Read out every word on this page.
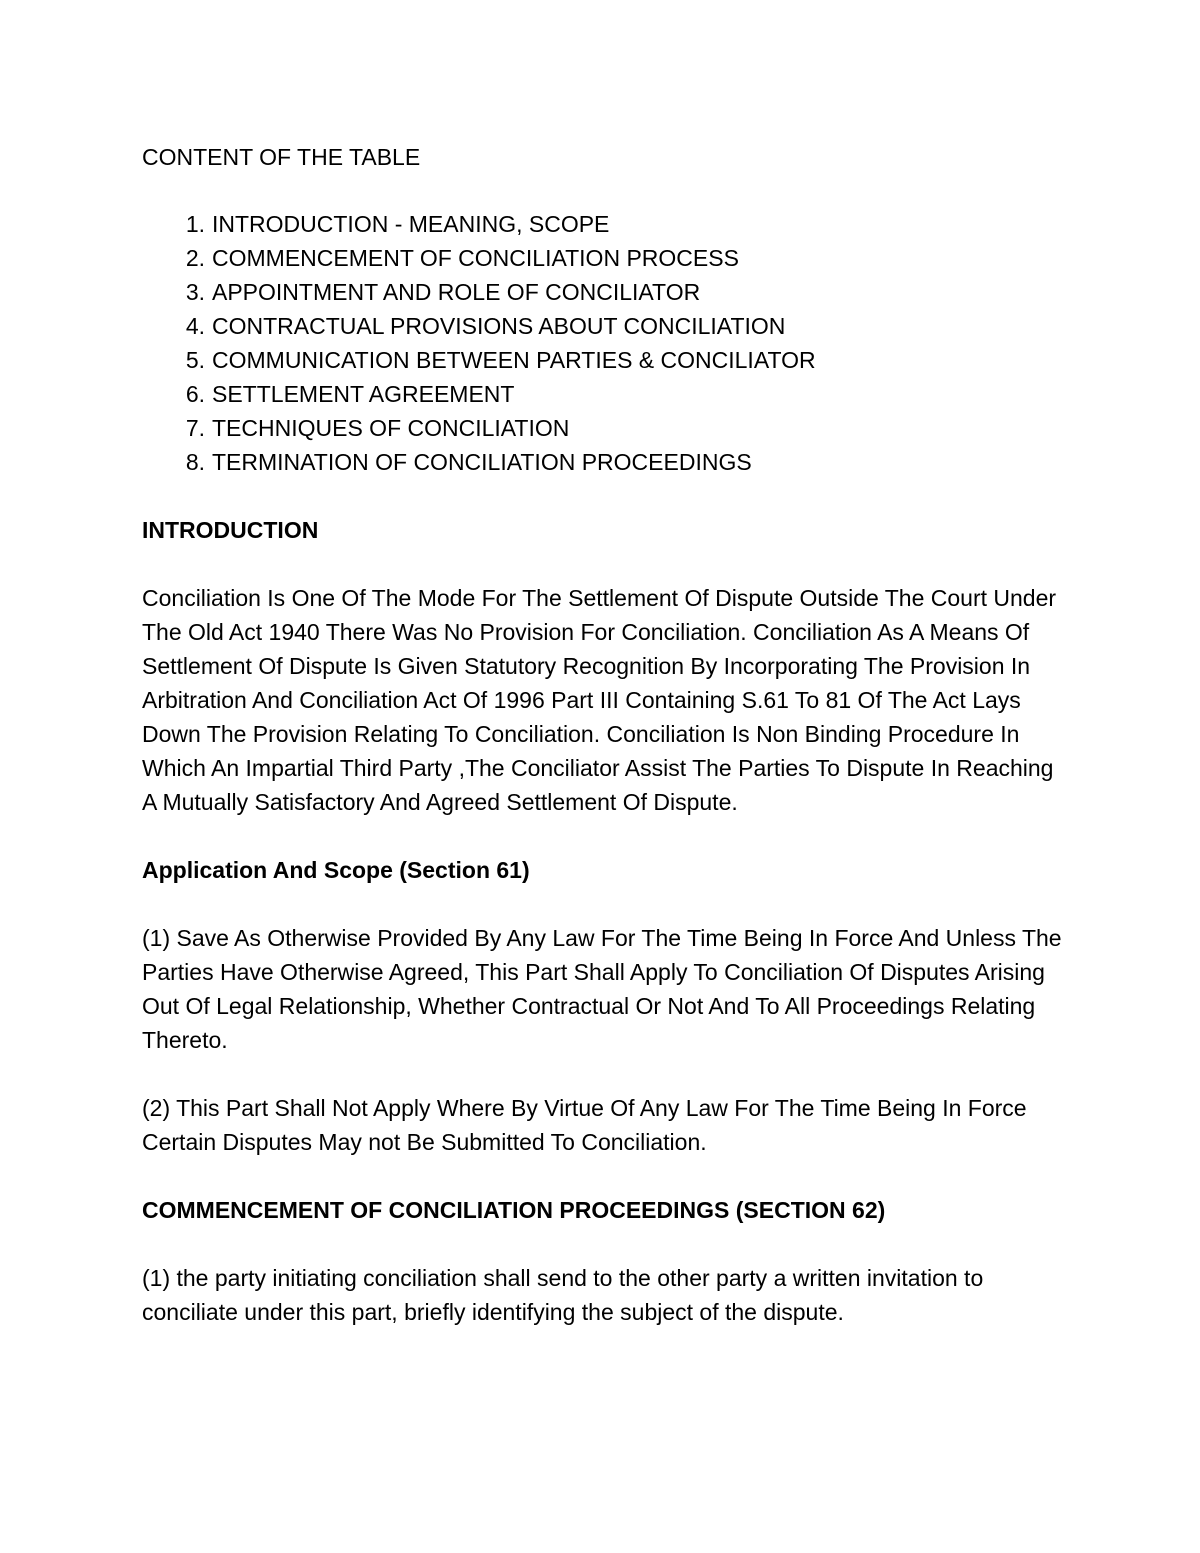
CONTENT OF THE TABLE

1. INTRODUCTION - MEANING, SCOPE
2. COMMENCEMENT OF CONCILIATION PROCESS
3. APPOINTMENT AND ROLE OF CONCILIATOR
4. CONTRACTUAL PROVISIONS ABOUT CONCILIATION
5. COMMUNICATION BETWEEN PARTIES & CONCILIATOR
6. SETTLEMENT AGREEMENT
7. TECHNIQUES OF CONCILIATION
8. TERMINATION OF CONCILIATION PROCEEDINGS

INTRODUCTION

Conciliation Is One Of The Mode For The Settlement Of Dispute Outside The Court Under The Old Act 1940 There Was No Provision For Conciliation. Conciliation As A Means Of Settlement Of Dispute Is Given Statutory Recognition By Incorporating The Provision In Arbitration And Conciliation Act Of 1996 Part III Containing S.61 To 81 Of The Act Lays Down The Provision Relating To Conciliation. Conciliation Is Non Binding Procedure In Which An Impartial Third Party ,The Conciliator Assist The Parties To Dispute In Reaching A Mutually Satisfactory And Agreed Settlement Of Dispute.

Application And Scope (Section 61)

(1) Save As Otherwise Provided By Any Law For The Time Being In Force And Unless The Parties Have Otherwise Agreed, This Part Shall Apply To Conciliation Of Disputes Arising Out Of Legal Relationship, Whether Contractual Or Not And To All Proceedings Relating Thereto.

(2) This Part Shall Not Apply Where By Virtue Of Any Law For The Time Being In Force Certain Disputes May not Be Submitted To Conciliation.

COMMENCEMENT OF CONCILIATION PROCEEDINGS (SECTION 62)

(1) the party initiating conciliation shall send to the other party a written invitation to conciliate under this part, briefly identifying the subject of the dispute.
